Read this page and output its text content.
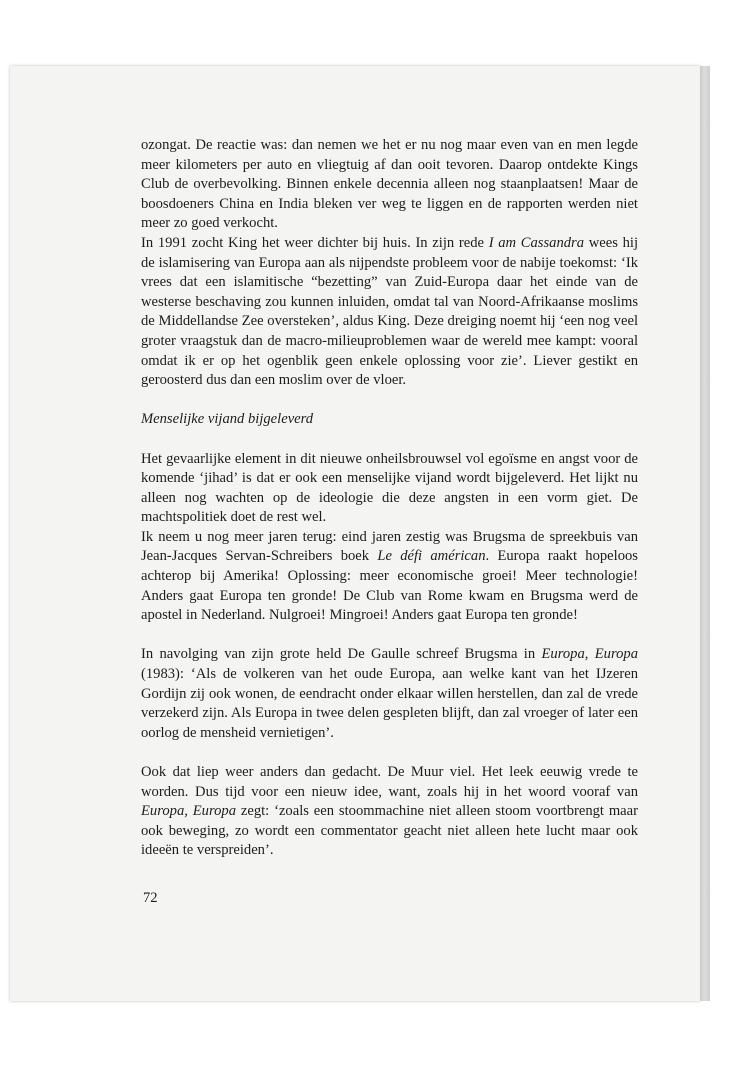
ozongat. De reactie was: dan nemen we het er nu nog maar even van en men legde meer kilometers per auto en vliegtuig af dan ooit tevoren. Daarop ontdekte Kings Club de overbevolking. Binnen enkele decennia alleen nog staanplaatsen! Maar de boosdoeners China en India bleken ver weg te liggen en de rapporten werden niet meer zo goed verkocht.

In 1991 zocht King het weer dichter bij huis. In zijn rede I am Cassandra wees hij de islamisering van Europa aan als nijpendste probleem voor de nabije toekomst: ‘Ik vrees dat een islamitische “bezetting” van Zuid-Europa daar het einde van de westerse beschaving zou kunnen inluiden, omdat tal van Noord-Afrikaanse moslims de Middellandse Zee oversteken’, aldus King. Deze dreiging noemt hij ‘een nog veel groter vraagstuk dan de macro-milieuproblemen waar de wereld mee kampt: vooral omdat ik er op het ogenblik geen enkele oplossing voor zie’. Liever gestikt en geroosterd dus dan een moslim over de vloer.

Menselijke vijand bijgeleverd

Het gevaarlijke element in dit nieuwe onheilsbrouwsel vol egoïsme en angst voor de komende ‘jihad’ is dat er ook een menselijke vijand wordt bijgeleverd. Het lijkt nu alleen nog wachten op de ideologie die deze angsten in een vorm giet. De machtspolitiek doet de rest wel.

Ik neem u nog meer jaren terug: eind jaren zestig was Brugsma de spreekbuis van Jean-Jacques Servan-Schreibers boek Le défi américan. Europa raakt hopeloos achterop bij Amerika! Oplossing: meer economische groei! Meer technologie! Anders gaat Europa ten gronde! De Club van Rome kwam en Brugsma werd de apostel in Nederland. Nulgroei! Mingroei! Anders gaat Europa ten gronde!

In navolging van zijn grote held De Gaulle schreef Brugsma in Europa, Europa (1983): ‘Als de volkeren van het oude Europa, aan welke kant van het IJzeren Gordijn zij ook wonen, de eendracht onder elkaar willen herstellen, dan zal de vrede verzekerd zijn. Als Europa in twee delen gespleten blijft, dan zal vroeger of later een oorlog de mensheid vernietigen’.

Ook dat liep weer anders dan gedacht. De Muur viel. Het leek eeuwig vrede te worden. Dus tijd voor een nieuw idee, want, zoals hij in het woord vooraf van Europa, Europa zegt: ‘zoals een stoommachine niet alleen stoom voortbrengt maar ook beweging, zo wordt een commentator geacht niet alleen hete lucht maar ook ideeën te verspreiden’.

72
